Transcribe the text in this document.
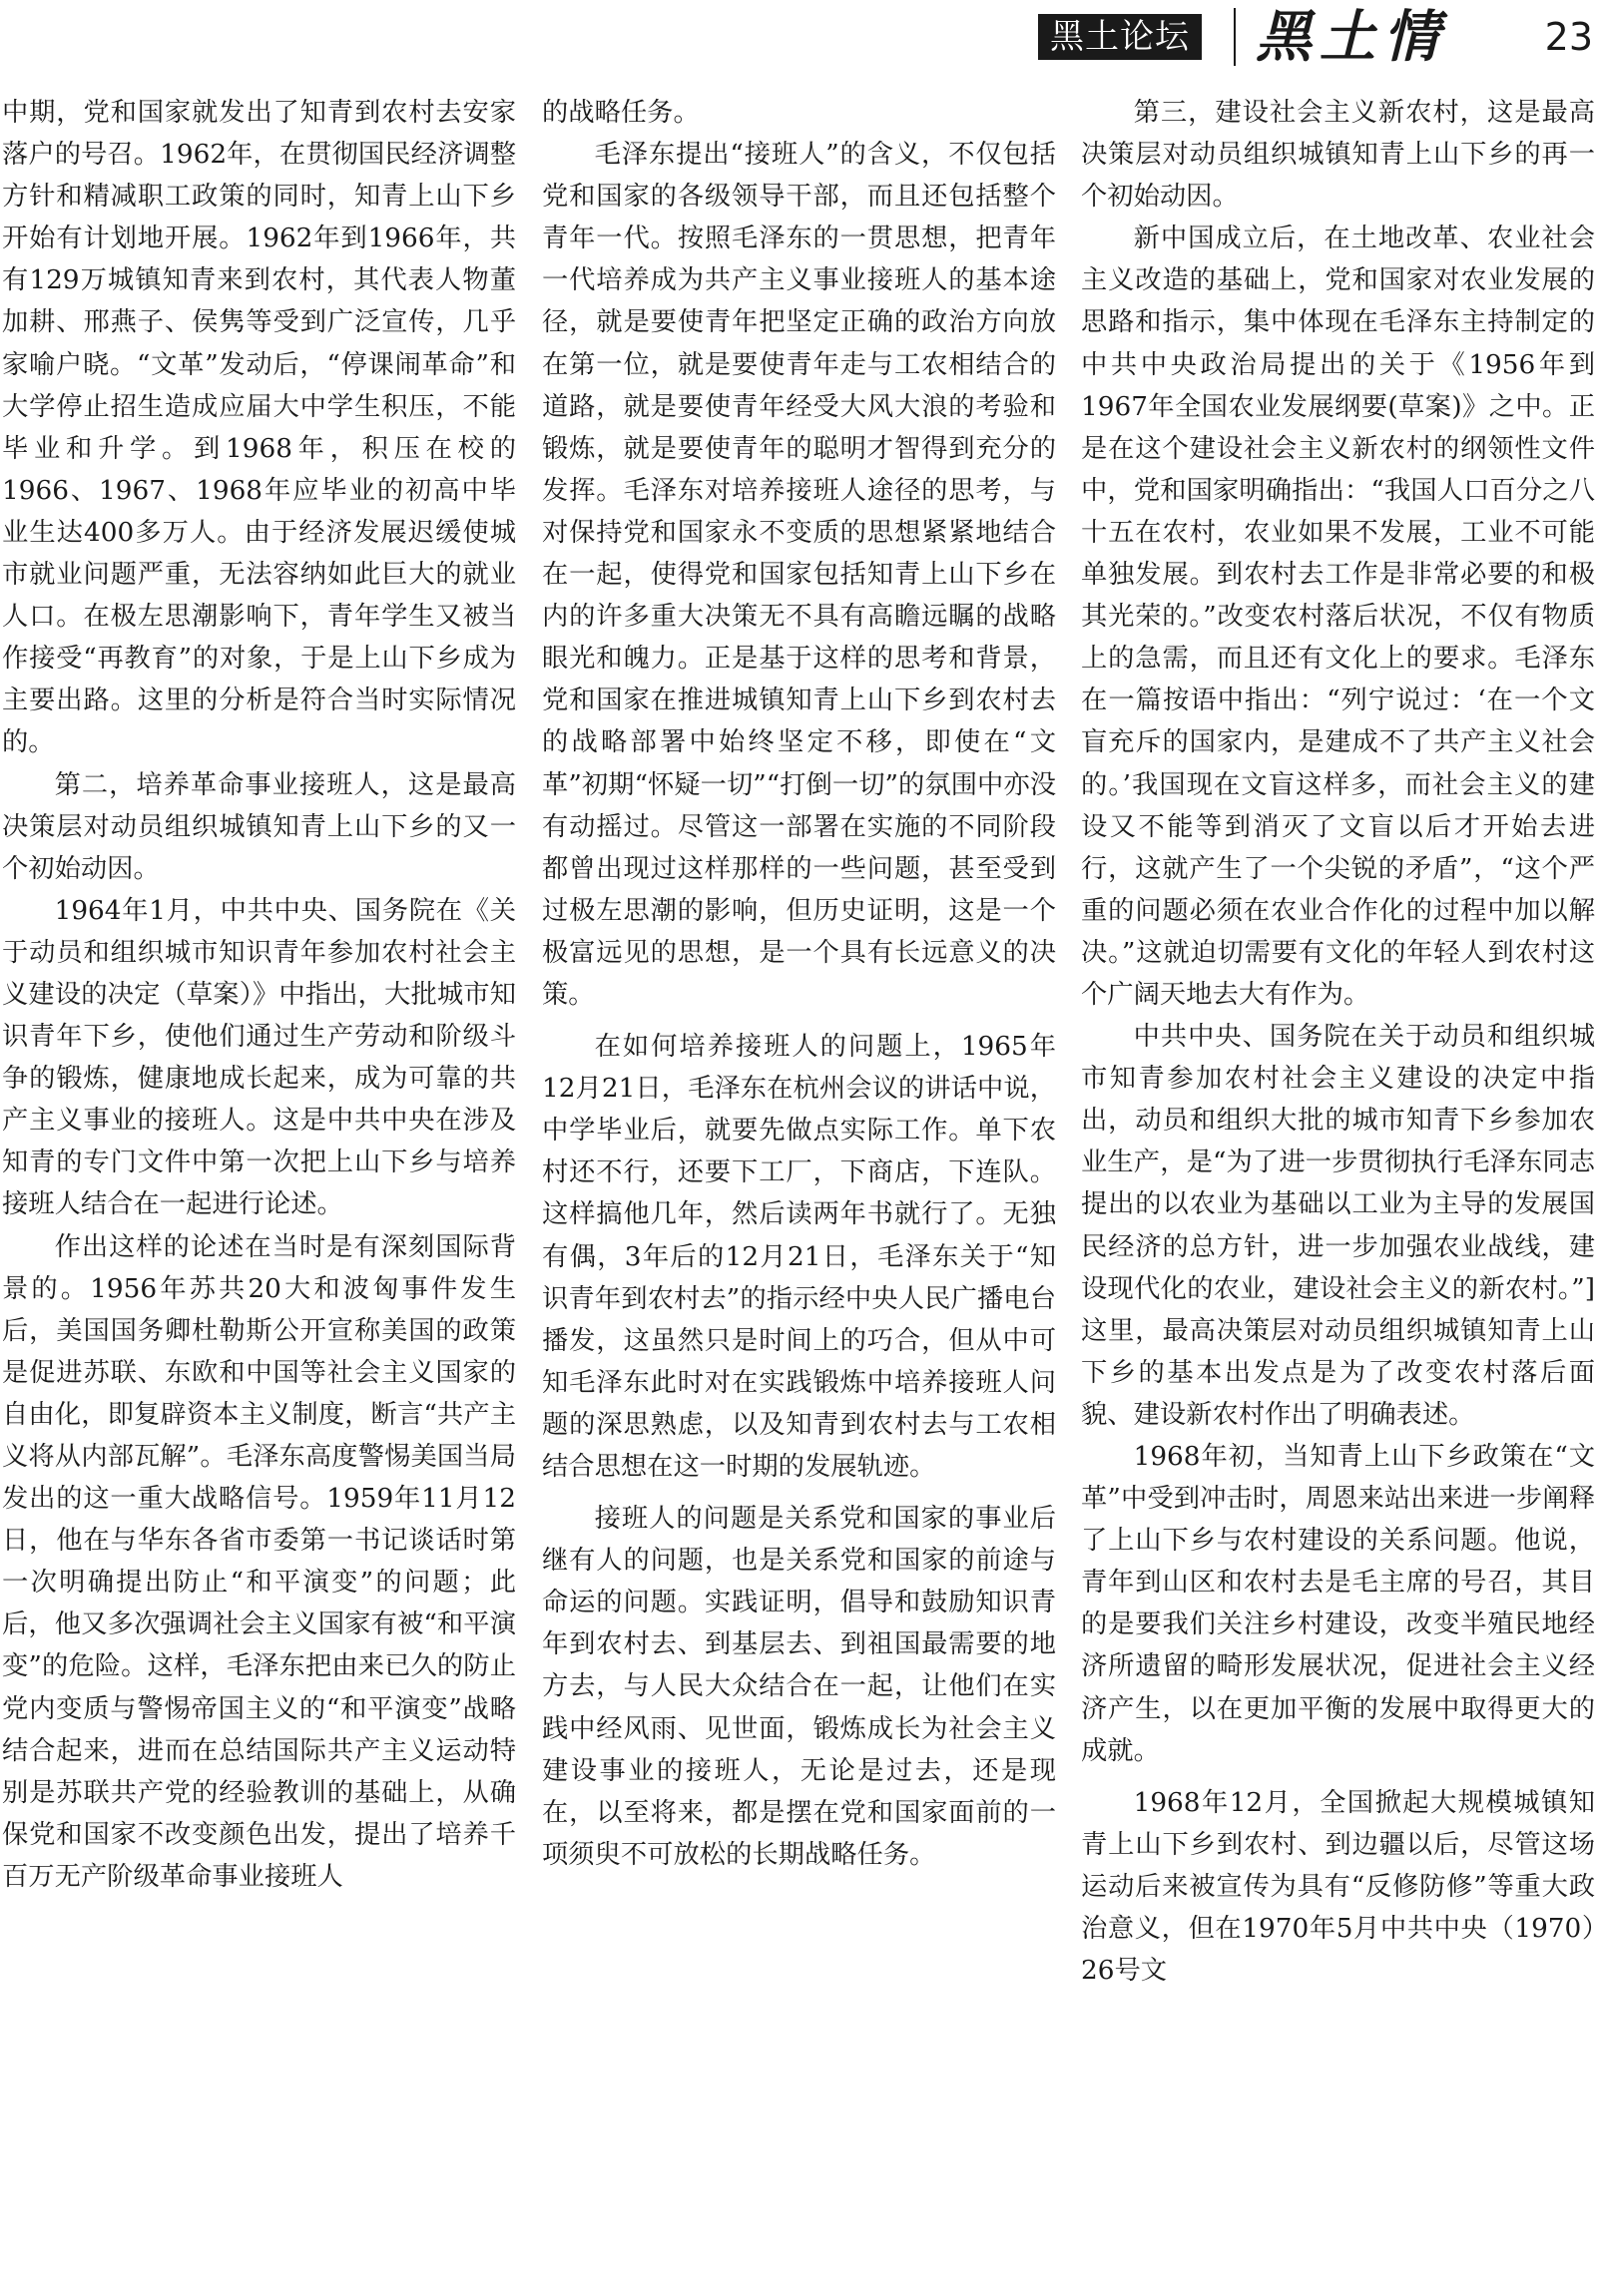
黑土论坛 黑土情	23

中期，党和国家就发出了知青到农村去安家落户的号召。1962年，在贯彻国民经济调整方针和精减职工政策的同时，知青上山下乡开始有计划地开展。1962年到1966年，共有129万城镇知青来到农村，其代表人物董加耕、邢燕子、侯隽等受到广泛宣传，几乎家喻户晓。“文革”发动后，“停课闹革命”和大学停止招生造成应届大中学生积压，不能毕业和升学。到1968年，积压在校的1966、1967、1968年应毕业的初高中毕业生达400多万人。由于经济发展迟缓使城市就业问题严重，无法容纳如此巨大的就业人口。在极左思潮影响下，青年学生又被当作接受“再教育”的对象，于是上山下乡成为主要出路。这里的分析是符合当时实际情况的。

第二，培养革命事业接班人，这是最高决策层对动员组织城镇知青上山下乡的又一个初始动因。

1964年1月，中共中央、国务院在《关于动员和组织城市知识青年参加农村社会主义建设的决定（草案）》中指出，大批城市知识青年下乡，使他们通过生产劳动和阶级斗争的锻炼，健康地成长起来，成为可靠的共产主义事业的接班人。这是中共中央在涉及知青的专门文件中第一次把上山下乡与培养接班人结合在一起进行论述。

作出这样的论述在当时是有深刻国际背景的。1956年苏共20大和波匈事件发生后，美国国务卿杜勒斯公开宣称美国的政策是促进苏联、东欧和中国等社会主义国家的自由化，即复辟资本主义制度，断言“共产主义将从内部瓦解”。毛泽东高度警惕美国当局发出的这一重大战略信号。1959年11月12日，他在与华东各省市委第一书记谈话时第一次明确提出防止“和平演变”的问题；此后，他又多次强调社会主义国家有被“和平演变”的危险。这样，毛泽东把由来已久的防止党内变质与警惕帝国主义的“和平演变”战略结合起来，进而在总结国际共产主义运动特别是苏联共产党的经验教训的基础上，从确保党和国家不改变颜色出发，提出了培养千百万无产阶级革命事业接班人

的战略任务。

毛泽东提出“接班人”的含义，不仅包括党和国家的各级领导干部，而且还包括整个青年一代。按照毛泽东的一贯思想，把青年一代培养成为共产主义事业接班人的基本途径，就是要使青年把坚定正确的政治方向放在第一位，就是要使青年走与工农相结合的道路，就是要使青年经受大风大浪的考验和锻炼，就是要使青年的聪明才智得到充分的发挥。毛泽东对培养接班人途径的思考，与对保持党和国家永不变质的思想紧紧地结合在一起，使得党和国家包括知青上山下乡在内的许多重大决策无不具有高瞻远瞩的战略眼光和魄力。正是基于这样的思考和背景，党和国家在推进城镇知青上山下乡到农村去的战略部署中始终坚定不移，即使在“文革”初期“怀疑一切”“打倒一切”的氛围中亦没有动摇过。尽管这一部署在实施的不同阶段都曾出现过这样那样的一些问题，甚至受到过极左思潮的影响，但历史证明，这是一个极富远见的思想，是一个具有长远意义的决策。

在如何培养接班人的问题上，1965年12月21日，毛泽东在杭州会议的讲话中说，中学毕业后，就要先做点实际工作。单下农村还不行，还要下工厂，下商店，下连队。这样搞他几年，然后读两年书就行了。无独有偶，3年后的12月21日，毛泽东关于“知识青年到农村去”的指示经中央人民广播电台播发，这虽然只是时间上的巧合，但从中可知毛泽东此时对在实践锻炼中培养接班人问题的深思熟虑，以及知青到农村去与工农相结合思想在这一时期的发展轨迹。

接班人的问题是关系党和国家的事业后继有人的问题，也是关系党和国家的前途与命运的问题。实践证明，倡导和鼓励知识青年到农村去、到基层去、到祖国最需要的地方去，与人民大众结合在一起，让他们在实践中经风雨、见世面，锻炼成长为社会主义建设事业的接班人，无论是过去，还是现在，以至将来，都是摆在党和国家面前的一项须臾不可放松的长期战略任务。

第三，建设社会主义新农村，这是最高决策层对动员组织城镇知青上山下乡的再一个初始动因。

新中国成立后，在土地改革、农业社会主义改造的基础上，党和国家对农业发展的思路和指示，集中体现在毛泽东主持制定的中共中央政治局提出的关于《1956年到1967年全国农业发展纲要(草案)》之中。正是在这个建设社会主义新农村的纲领性文件中，党和国家明确指出：“我国人口百分之八十五在农村，农业如果不发展，工业不可能单独发展。到农村去工作是非常必要的和极其光荣的。”改变农村落后状况，不仅有物质上的急需，而且还有文化上的要求。毛泽东在一篇按语中指出：“列宁说过：‘在一个文盲充斥的国家内，是建成不了共产主义社会的。’我国现在文盲这样多，而社会主义的建设又不能等到消灭了文盲以后才开始去进行，这就产生了一个尖锐的矛盾”，“这个严重的问题必须在农业合作化的过程中加以解决。”这就迫切需要有文化的年轻人到农村这个广阔天地去大有作为。

中共中央、国务院在关于动员和组织城市知青参加农村社会主义建设的决定中指出，动员和组织大批的城市知青下乡参加农业生产，是“为了进一步贯彻执行毛泽东同志提出的以农业为基础以工业为主导的发展国民经济的总方针，进一步加强农业战线，建设现代化的农业，建设社会主义的新农村。”]这里，最高决策层对动员组织城镇知青上山下乡的基本出发点是为了改变农村落后面貌、建设新农村作出了明确表述。

1968年初，当知青上山下乡政策在“文革”中受到冲击时，周恩来站出来进一步阐释了上山下乡与农村建设的关系问题。他说，青年到山区和农村去是毛主席的号召，其目的是要我们关注乡村建设，改变半殖民地经济所遗留的畸形发展状况，促进社会主义经济产生，以在更加平衡的发展中取得更大的成就。

1968年12月，全国掀起大规模城镇知青上山下乡到农村、到边疆以后，尽管这场运动后来被宣传为具有“反修防修”等重大政治意义，但在1970年5月中共中央（1970）26号文
